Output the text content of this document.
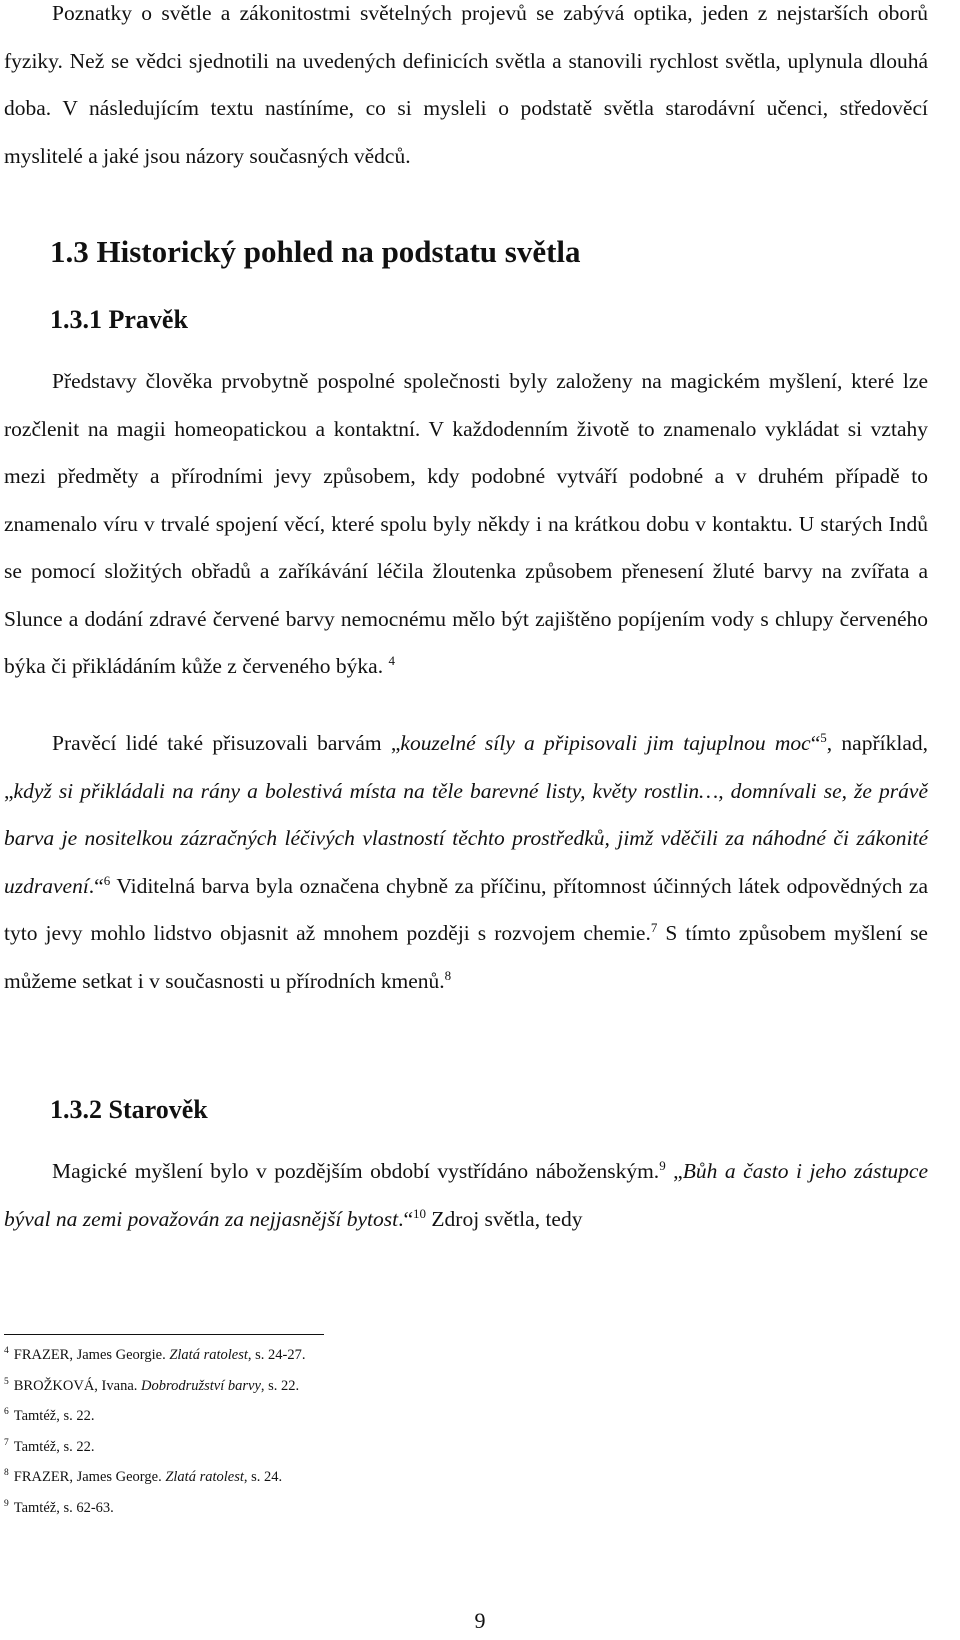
Poznatky o světle a zákonitostmi světelných projevů se zabývá optika, jeden z nejstarších oborů fyziky. Než se vědci sjednotili na uvedených definicích světla a stanovili rychlost světla, uplynula dlouhá doba. V následujícím textu nastíníme, co si mysleli o podstatě světla starodávní učenci, středověcí myslitelé a jaké jsou názory současných vědců.

1.3 Historický pohled na podstatu světla
1.3.1 Pravěk

Představy člověka prvobytně pospolné společnosti byly založeny na magickém myšlení, které lze rozčlenit na magii homeopatickou a kontaktní. V každodenním životě to znamenalo vykládat si vztahy mezi předměty a přírodními jevy způsobem, kdy podobné vytváří podobné a v druhém případě to znamenalo víru v trvalé spojení věcí, které spolu byly někdy i na krátkou dobu v kontaktu. U starých Indů se pomocí složitých obřadů a zaříkávání léčila žloutenka způsobem přenesení žluté barvy na zvířata a Slunce a dodání zdravé červené barvy nemocnému mělo být zajištěno popíjením vody s chlupy červeného býka či přikládáním kůže z červeného býka. $^4$

Pravěcí lidé také přisuzovali barvám „kouzelné síly a připisovali jim tajuplnou moc“$^5$, například, „když si přikládali na rány a bolestivá místa na těle barevné listy, květy rostlin…, domnívali se, že právě barva je nositelkou zázračných léčivých vlastností těchto prostředků, jimž vděčili za náhodné či zákonité uzdravení.“$^6$ Viditelná barva byla označena chybně za příčinu, přítomnost účinných látek odpovědných za tyto jevy mohlo lidstvo objasnit až mnohem později s rozvojem chemie.$^7$ S tímto způsobem myšlení se můžeme setkat i v současnosti u přírodních kmenů.$^8$

1.3.2 Starověk

Magické myšlení bylo v pozdějším období vystřídáno náboženským.$^9$ „Bůh a často i jeho zástupce býval na zemi považován za nejjasnější bytost.“$^{10}$ Zdroj světla, tedy

$^4$ FRAZER, James Georgie. Zlatá ratolest, s. 24-27.
$^5$ BROŽKOVÁ, Ivana. Dobrodružství barvy, s. 22.
$^6$ Tamtéž, s. 22.
$^7$ Tamtéž, s. 22.
$^8$ FRAZER, James George. Zlatá ratolest, s. 24.
$^9$ Tamtéž, s. 62-63.
9
